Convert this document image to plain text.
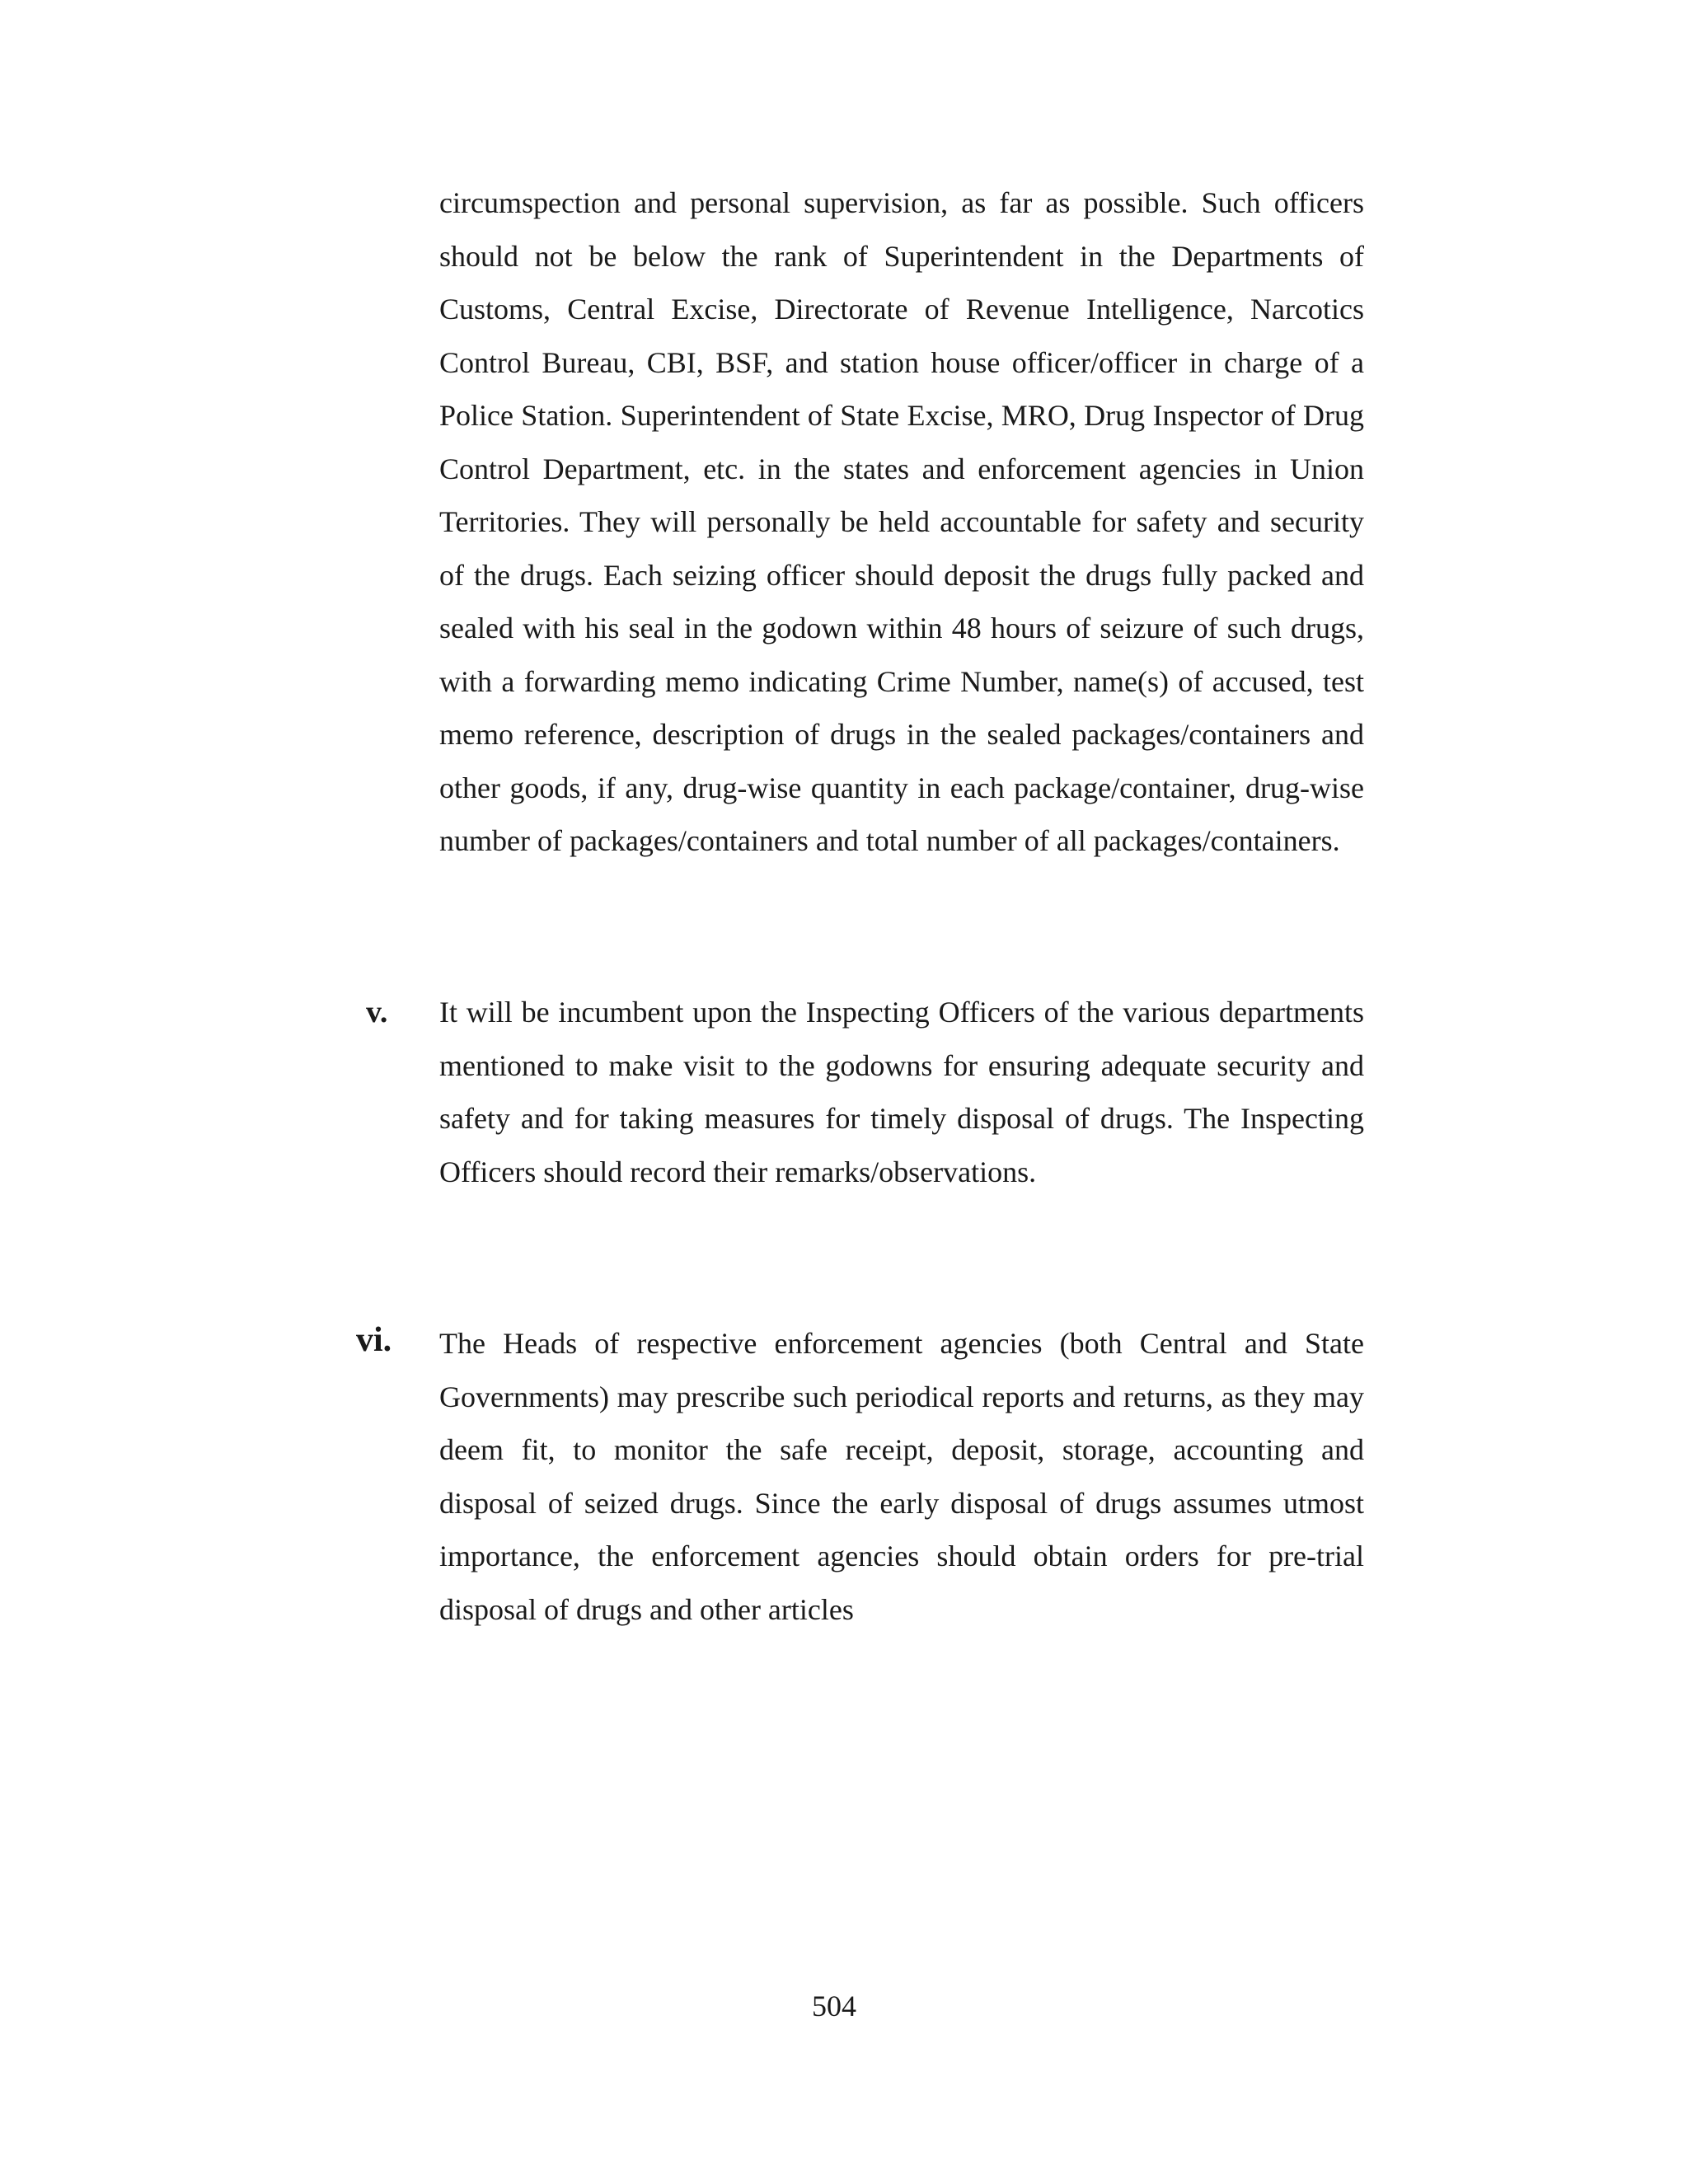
circumspection and personal supervision, as far as possible. Such officers should not be below the rank of Superintendent in the Departments of Customs, Central Excise, Directorate of Revenue Intelligence, Narcotics Control Bureau, CBI, BSF, and station house officer/officer in charge of a Police Station. Superintendent of State Excise, MRO, Drug Inspector of Drug Control Department, etc. in the states and enforcement agencies in Union Territories. They will personally be held accountable for safety and security of the drugs. Each seizing officer should deposit the drugs fully packed and sealed with his seal in the godown within 48 hours of seizure of such drugs, with a forwarding memo indicating Crime Number, name(s) of accused, test memo reference, description of drugs in the sealed packages/containers and other goods, if any, drug-wise quantity in each package/container, drug-wise number of packages/containers and total number of all packages/containers.

v. It will be incumbent upon the Inspecting Officers of the various departments mentioned to make visit to the godowns for ensuring adequate security and safety and for taking measures for timely disposal of drugs. The Inspecting Officers should record their remarks/observations.

vi. The Heads of respective enforcement agencies (both Central and State Governments) may prescribe such periodical reports and returns, as they may deem fit, to monitor the safe receipt, deposit, storage, accounting and disposal of seized drugs. Since the early disposal of drugs assumes utmost importance, the enforcement agencies should obtain orders for pre-trial disposal of drugs and other articles

504
